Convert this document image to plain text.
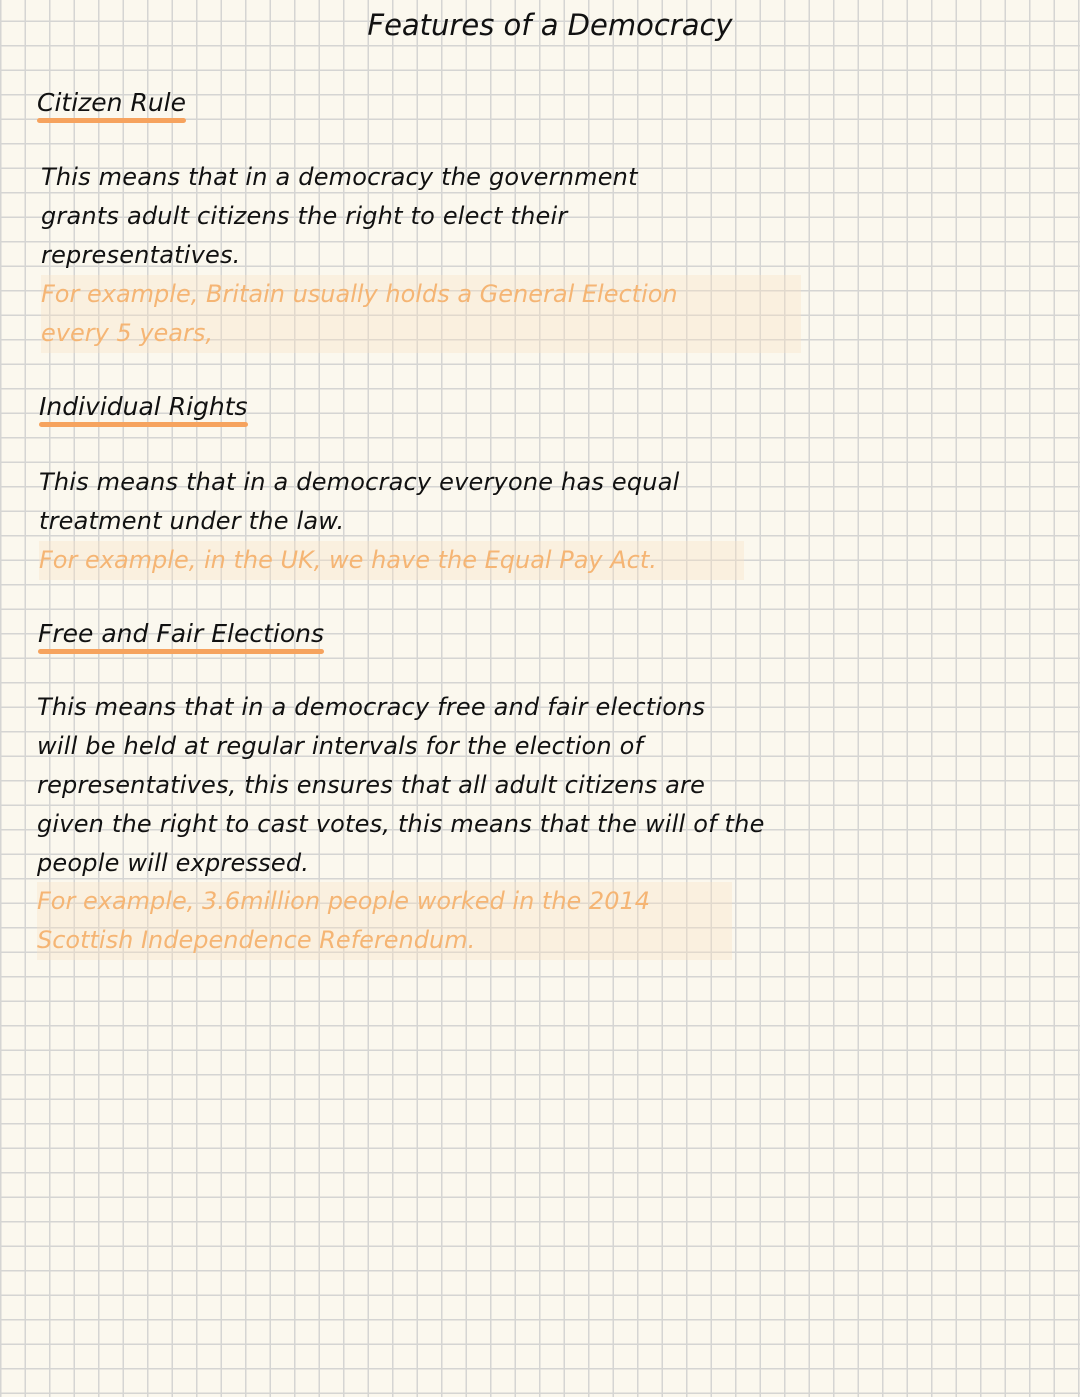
Features of a Democracy
Citizen Rule
This means that in a democracy the government
grants adult citizens the right to elect their
representatives.
For example, Britain usually holds a General Election
every 5 years,
Individual Rights
This means that in a democracy everyone has equal
treatment under the law.
For example, in the UK, we have the Equal Pay Act.
Free and Fair Elections
This means that in a democracy free and fair elections
will be held at regular intervals for the election of
representatives, this ensures that all adult citizens are
given the right to cast votes, this means that the will of the
people will expressed.
For example, 3.6million people worked in the 2014
Scottish Independence Referendum.
